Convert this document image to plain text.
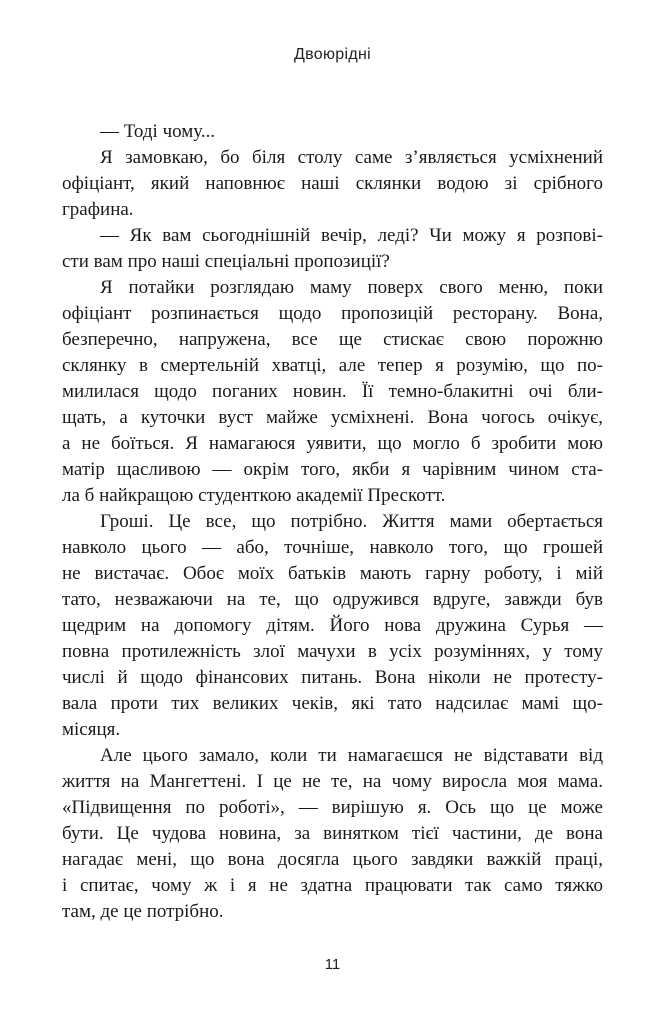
Двоюрідні
— Тоді чому...
Я замовкаю, бо біля столу саме з’являється усміхнений
офіціант, який наповнює наші склянки водою зі срібного
графина.
— Як вам сьогоднішній вечір, леді? Чи можу я розпові-
сти вам про наші спеціальні пропозиції?
Я потайки розглядаю маму поверх свого меню, поки
офіціант розпинається щодо пропозицій ресторану. Вона,
безперечно, напружена, все ще стискає свою порожню
склянку в смертельній хватці, але тепер я розумію, що по-
милилася щодо поганих новин. Її темно-блакитні очі бли-
щать, а куточки вуст майже усміхнені. Вона чогось очікує,
а не боїться. Я намагаюся уявити, що могло б зробити мою
матір щасливою — окрім того, якби я чарівним чином ста-
ла б найкращою студенткою академії Прескотт.
Гроші. Це все, що потрібно. Життя мами обертається
навколо цього — або, точніше, навколо того, що грошей
не вистачає. Обоє моїх батьків мають гарну роботу, і мій
тато, незважаючи на те, що одружився вдруге, завжди був
щедрим на допомогу дітям. Його нова дружина Сурья —
повна протилежність злої мачухи в усіх розуміннях, у тому
числі й щодо фінансових питань. Вона ніколи не протесту-
вала проти тих великих чеків, які тато надсилає мамі що-
місяця.
Але цього замало, коли ти намагаєшся не відставати від
життя на Мангеттені. І це не те, на чому виросла моя мама.
«Підвищення по роботі», — вирішую я. Ось що це може
бути. Це чудова новина, за винятком тієї частини, де вона
нагадає мені, що вона досягла цього завдяки важкій праці,
і спитає, чому ж і я не здатна працювати так само тяжко
там, де це потрібно.
11
